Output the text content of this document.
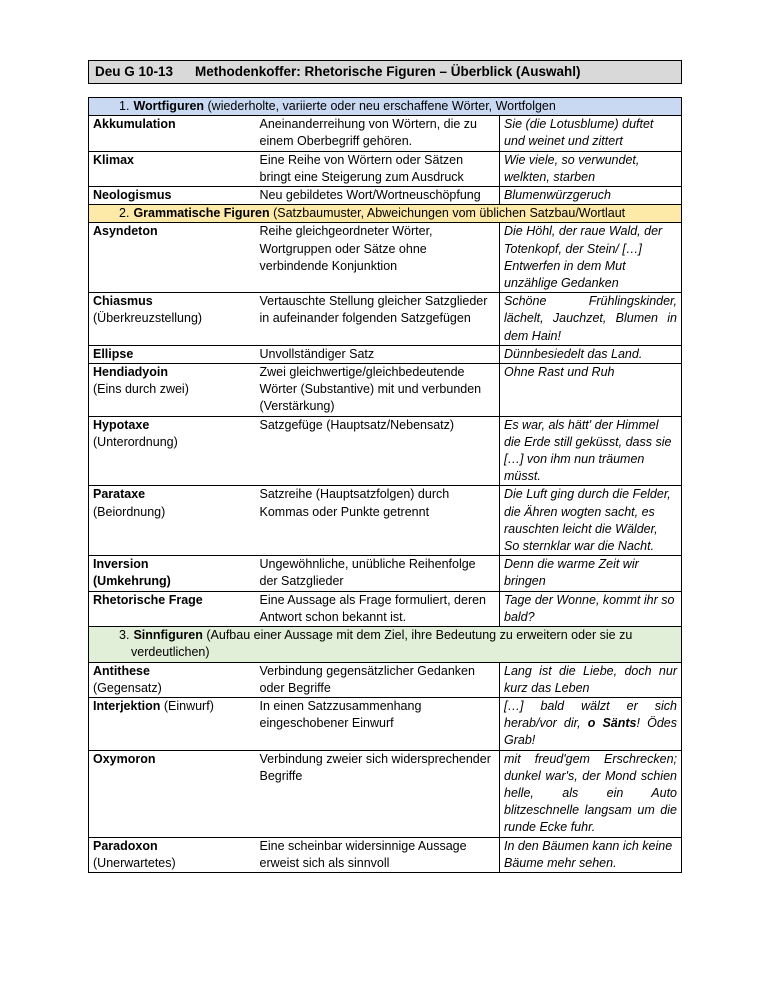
Deu G 10-13 Methodenkoffer: Rhetorische Figuren – Überblick (Auswahl)
1. Wortfiguren (wiederholte, variierte oder neu erschaffene Wörter, Wortfolgen		

Akkumulation	Aneinanderreihung von Wörtern, die zu einem Oberbegriff gehören.	Sie (die Lotusblume) duftet und weinet und zittert

Klimax	Eine Reihe von Wörtern oder Sätzen bringt eine Steigerung zum Ausdruck	Wie viele, so verwundet, welkten, starben

Neologismus	Neu gebildetes Wort/Wortneuschöpfung	Blumenwürzgeruch
2. Grammatische Figuren (Satzbaumuster, Abweichungen vom üblichen Satzbau/Wortlaut		

Asyndeton	Reihe gleichgeordneter Wörter, Wortgruppen oder Sätze ohne verbindende Konjunktion	Die Höhl, der raue Wald, der Totenkopf, der Stein/ […] Entwerfen in dem Mut unzählige Gedanken

Chiasmus
(Überkreuzstellung)	Vertauschte Stellung gleicher Satzglieder in aufeinander folgenden Satzgefügen	Schöne Frühlingskinder, lächelt, Jauchzet, Blumen in dem Hain!

Ellipse	Unvollständiger Satz	Dünnbesiedelt das Land.

Hendiadyoin
(Eins durch zwei)	Zwei gleichwertige/gleichbedeutende Wörter (Substantive) mit und verbunden (Verstärkung)	Ohne Rast und Ruh

Hypotaxe
(Unterordnung)	Satzgefüge (Hauptsatz/Nebensatz)	Es war, als hätt' der Himmel die Erde still geküsst, dass sie […] von ihm nun träumen müsst.

Parataxe
(Beiordnung)	Satzreihe (Hauptsatzfolgen) durch Kommas oder Punkte getrennt	Die Luft ging durch die Felder, die Ähren wogten sacht, es rauschten leicht die Wälder,
So sternklar war die Nacht.

Inversion
(Umkehrung)	Ungewöhnliche, unübliche Reihenfolge der Satzglieder	Denn die warme Zeit wir bringen

Rhetorische Frage	Eine Aussage als Frage formuliert, deren Antwort schon bekannt ist.	Tage der Wonne, kommt ihr so bald?
3. Sinnfiguren (Aufbau einer Aussage mit dem Ziel, ihre Bedeutung zu erweitern oder sie zu
verdeutlichen)		

Antithese
(Gegensatz)	Verbindung gegensätzlicher Gedanken oder Begriffe	Lang ist die Liebe, doch nur kurz das Leben
Interjektion (Einwurf)	In einen Satzzusammenhang eingeschobener Einwurf	[…] bald wälzt er sich herab/vor dir, o Sänts! Ödes Grab!

Oxymoron	Verbindung zweier sich widersprechender Begriffe	mit freud'gem Erschrecken; dunkel war's, der Mond schien helle, als ein Auto blitzeschnelle langsam um die runde Ecke fuhr.

Paradoxon
(Unerwartetes)	Eine scheinbar widersinnige Aussage erweist sich als sinnvoll	In den Bäumen kann ich keine Bäume mehr sehen.
